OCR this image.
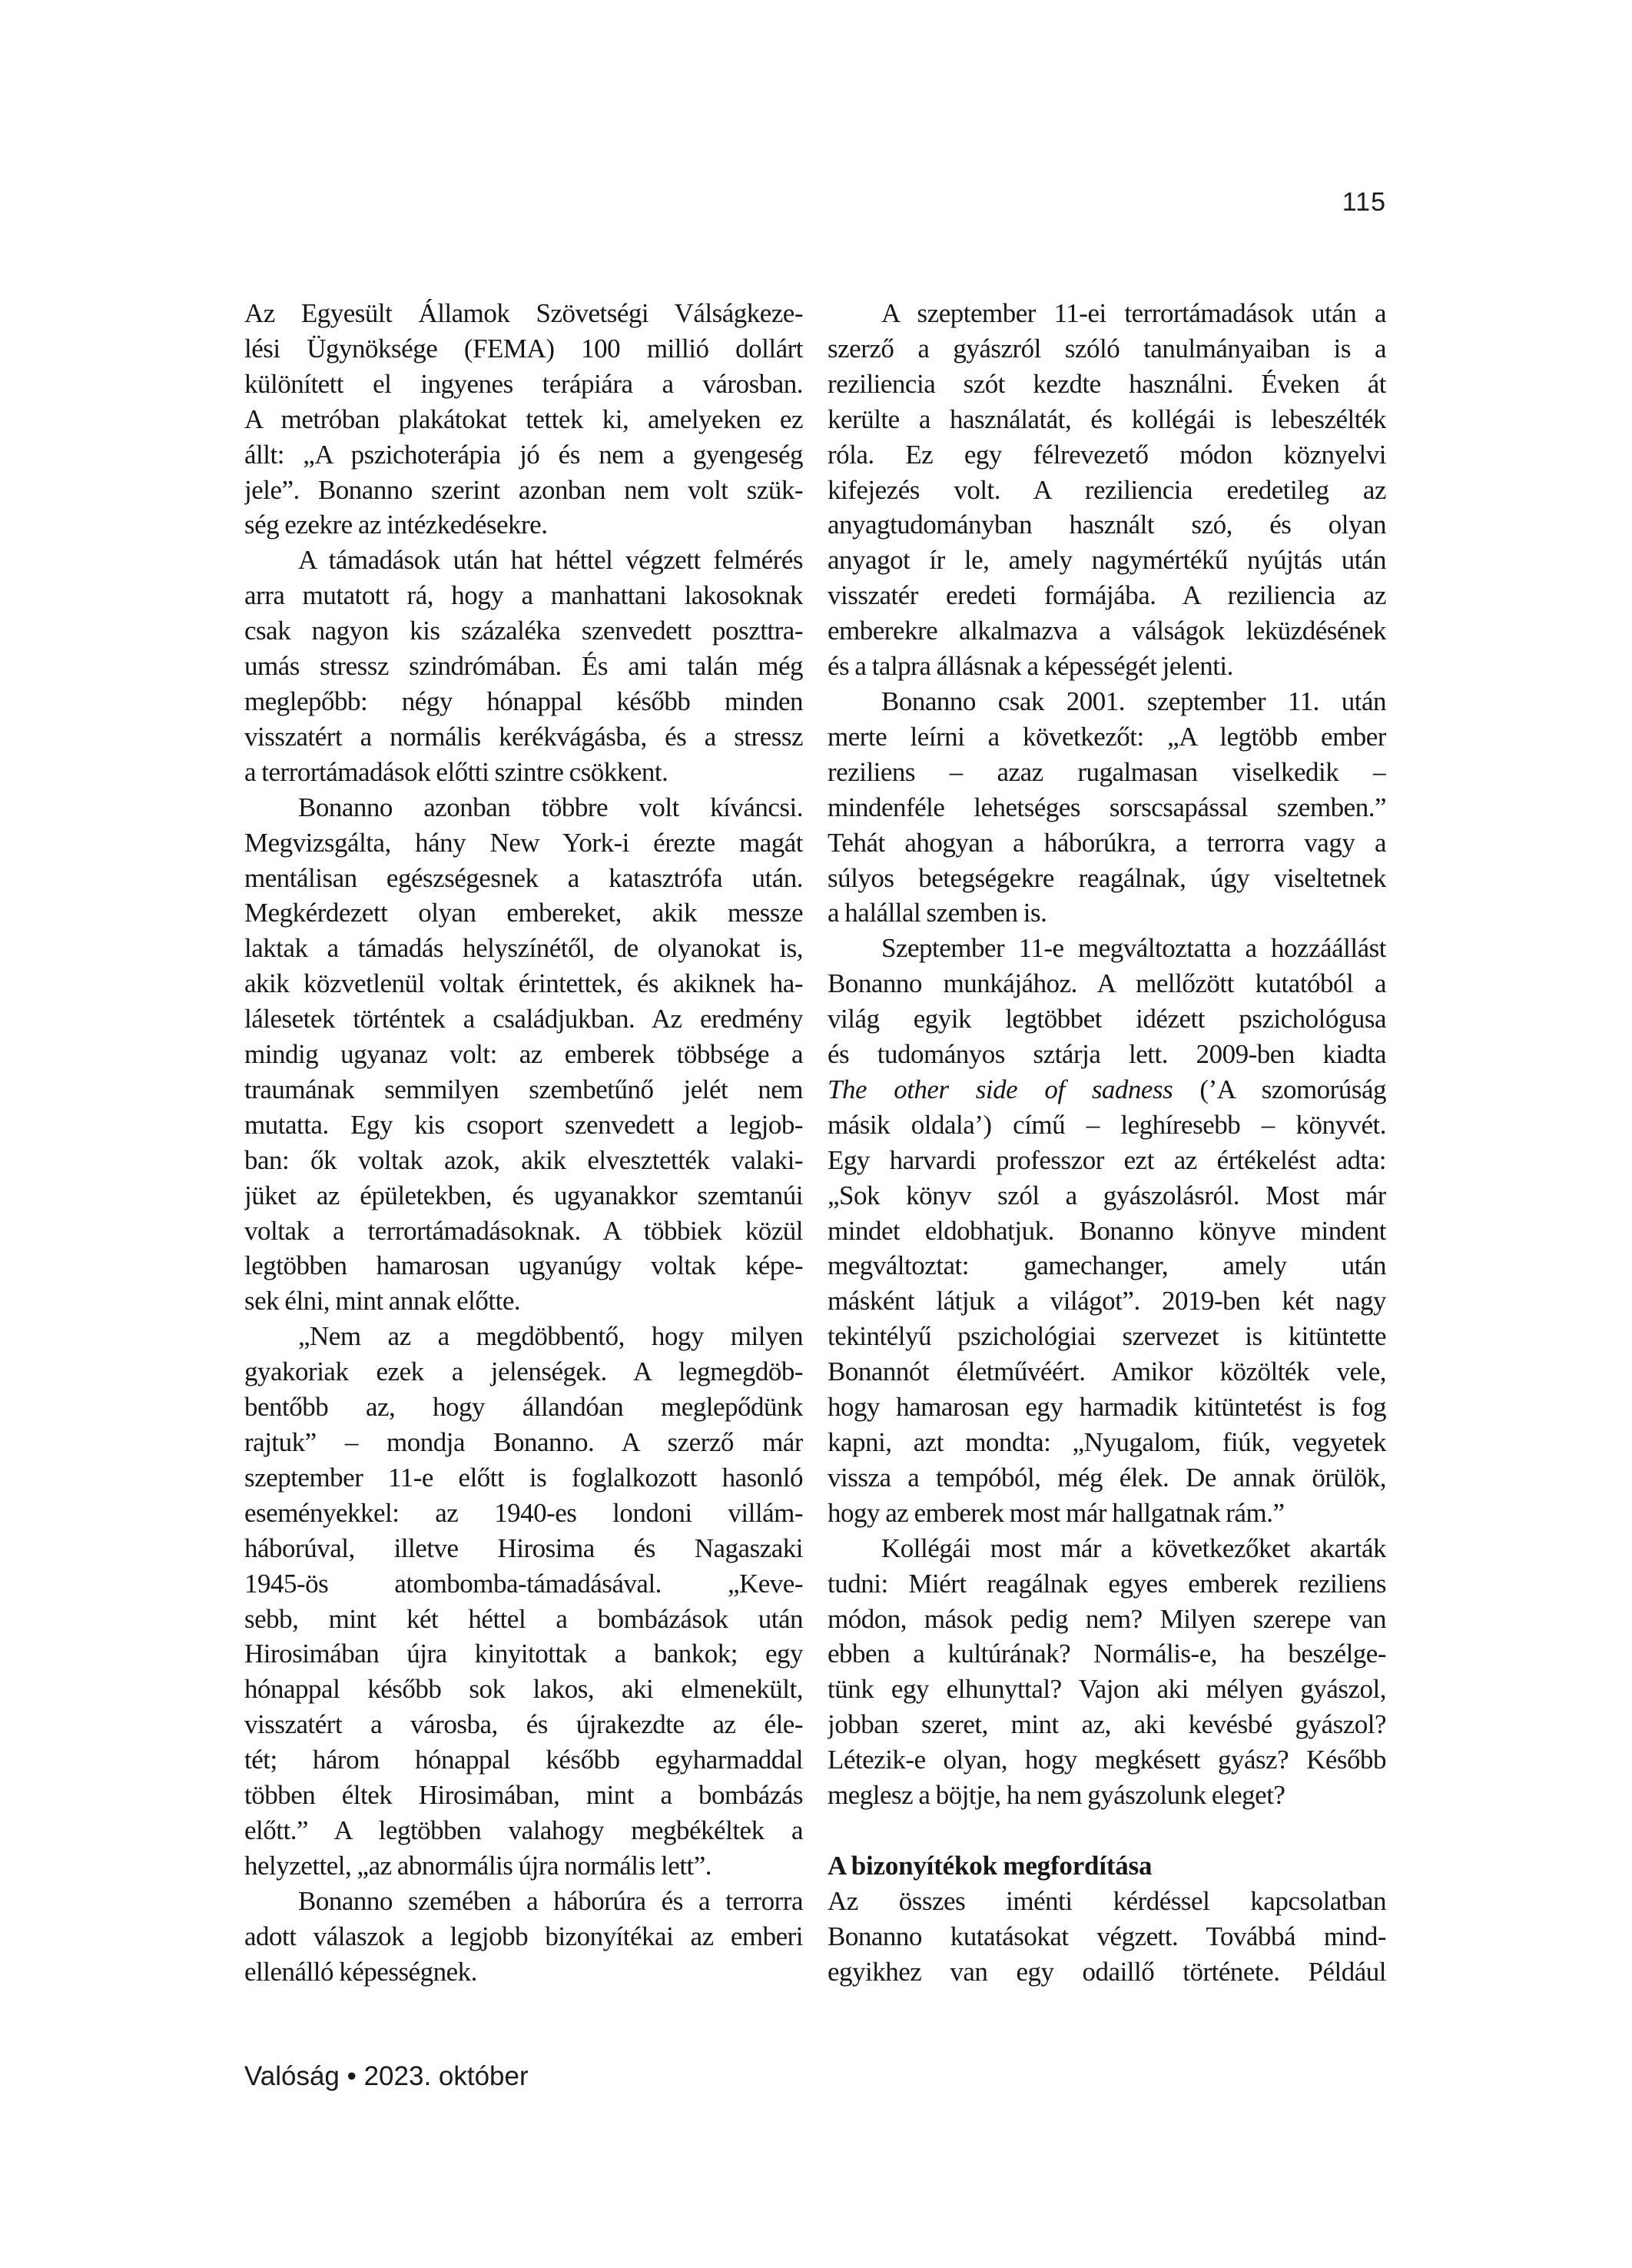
115
Az Egyesült Államok Szövetségi Válságkeze-
lési Ügynöksége (FEMA) 100 millió dollárt
különített el ingyenes terápiára a városban.
A metróban plakátokat tettek ki, amelyeken ez
állt: „A pszichoterápia jó és nem a gyengeség
jele”. Bonanno szerint azonban nem volt szük-
ség ezekre az intézkedésekre.
A támadások után hat héttel végzett felmérés
arra mutatott rá, hogy a manhattani lakosoknak
csak nagyon kis százaléka szenvedett poszttra-
umás stressz szindrómában. És ami talán még
meglepőbb: négy hónappal később minden
visszatért a normális kerékvágásba, és a stressz
a terrortámadások előtti szintre csökkent.
Bonanno azonban többre volt kíváncsi.
Megvizsgálta, hány New York-i érezte magát
mentálisan egészségesnek a katasztrófa után.
Megkérdezett olyan embereket, akik messze
laktak a támadás helyszínétől, de olyanokat is,
akik közvetlenül voltak érintettek, és akiknek ha-
lálesetek történtek a családjukban. Az eredmény
mindig ugyanaz volt: az emberek többsége a
traumának semmilyen szembetűnő jelét nem
mutatta. Egy kis csoport szenvedett a legjob-
ban: ők voltak azok, akik elvesztették valaki-
jüket az épületekben, és ugyanakkor szemtanúi
voltak a terrortámadásoknak. A többiek közül
legtöbben hamarosan ugyanúgy voltak képe-
sek élni, mint annak előtte.
„Nem az a megdöbbentő, hogy milyen
gyakoriak ezek a jelenségek. A legmegdöb-
bentőbb az, hogy állandóan meglepődünk
rajtuk” – mondja Bonanno. A szerző már
szeptember 11-e előtt is foglalkozott hasonló
eseményekkel: az 1940-es londoni villám-
háborúval, illetve Hirosima és Nagaszaki
1945-ös atombomba-támadásával. „Keve-
sebb, mint két héttel a bombázások után
Hirosimában újra kinyitottak a bankok; egy
hónappal később sok lakos, aki elmenekült,
visszatért a városba, és újrakezdte az éle-
tét; három hónappal később egyharmaddal
többen éltek Hirosimában, mint a bombázás
előtt.” A legtöbben valahogy megbékéltek a
helyzettel, „az abnormális újra normális lett”.
Bonanno szemében a háborúra és a terrorra
adott válaszok a legjobb bizonyítékai az emberi
ellenálló képességnek.
A szeptember 11-ei terrortámadások után a
szerző a gyászról szóló tanulmányaiban is a
reziliencia szót kezdte használni. Éveken át
kerülte a használatát, és kollégái is lebeszélték
róla. Ez egy félrevezető módon köznyelvi
kifejezés volt. A reziliencia eredetileg az
anyagtudományban használt szó, és olyan
anyagot ír le, amely nagymértékű nyújtás után
visszatér eredeti formájába. A reziliencia az
emberekre alkalmazva a válságok leküzdésének
és a talpra állásnak a képességét jelenti.
Bonanno csak 2001. szeptember 11. után
merte leírni a következőt: „A legtöbb ember
reziliens – azaz rugalmasan viselkedik –
mindenféle lehetséges sorscsapással szemben.”
Tehát ahogyan a háborúkra, a terrorra vagy a
súlyos betegségekre reagálnak, úgy viseltetnek
a halállal szemben is.
Szeptember 11-e megváltoztatta a hozzáállást
Bonanno munkájához. A mellőzött kutatóból a
világ egyik legtöbbet idézett pszichológusa
és tudományos sztárja lett. 2009-ben kiadta
The other side of sadness (’A szomorúság
másik oldala’) című – leghíresebb – könyvét.
Egy harvardi professzor ezt az értékelést adta:
„Sok könyv szól a gyászolásról. Most már
mindet eldobhatjuk. Bonanno könyve mindent
megváltoztat: gamechanger, amely után
másként látjuk a világot”. 2019-ben két nagy
tekintélyű pszichológiai szervezet is kitüntette
Bonannót életművéért. Amikor közölték vele,
hogy hamarosan egy harmadik kitüntetést is fog
kapni, azt mondta: „Nyugalom, fiúk, vegyetek
vissza a tempóból, még élek. De annak örülök,
hogy az emberek most már hallgatnak rám.”
Kollégái most már a következőket akarták
tudni: Miért reagálnak egyes emberek reziliens
módon, mások pedig nem? Milyen szerepe van
ebben a kultúrának? Normális-e, ha beszélge-
tünk egy elhunyttal? Vajon aki mélyen gyászol,
jobban szeret, mint az, aki kevésbé gyászol?
Létezik-e olyan, hogy megkésett gyász? Később
meglesz a böjtje, ha nem gyászolunk eleget?

A bizonyítékok megfordítása
Az összes iménti kérdéssel kapcsolatban
Bonanno kutatásokat végzett. Továbbá mind-
egyikhez van egy odaillő története. Például
Valóság • 2023. október
